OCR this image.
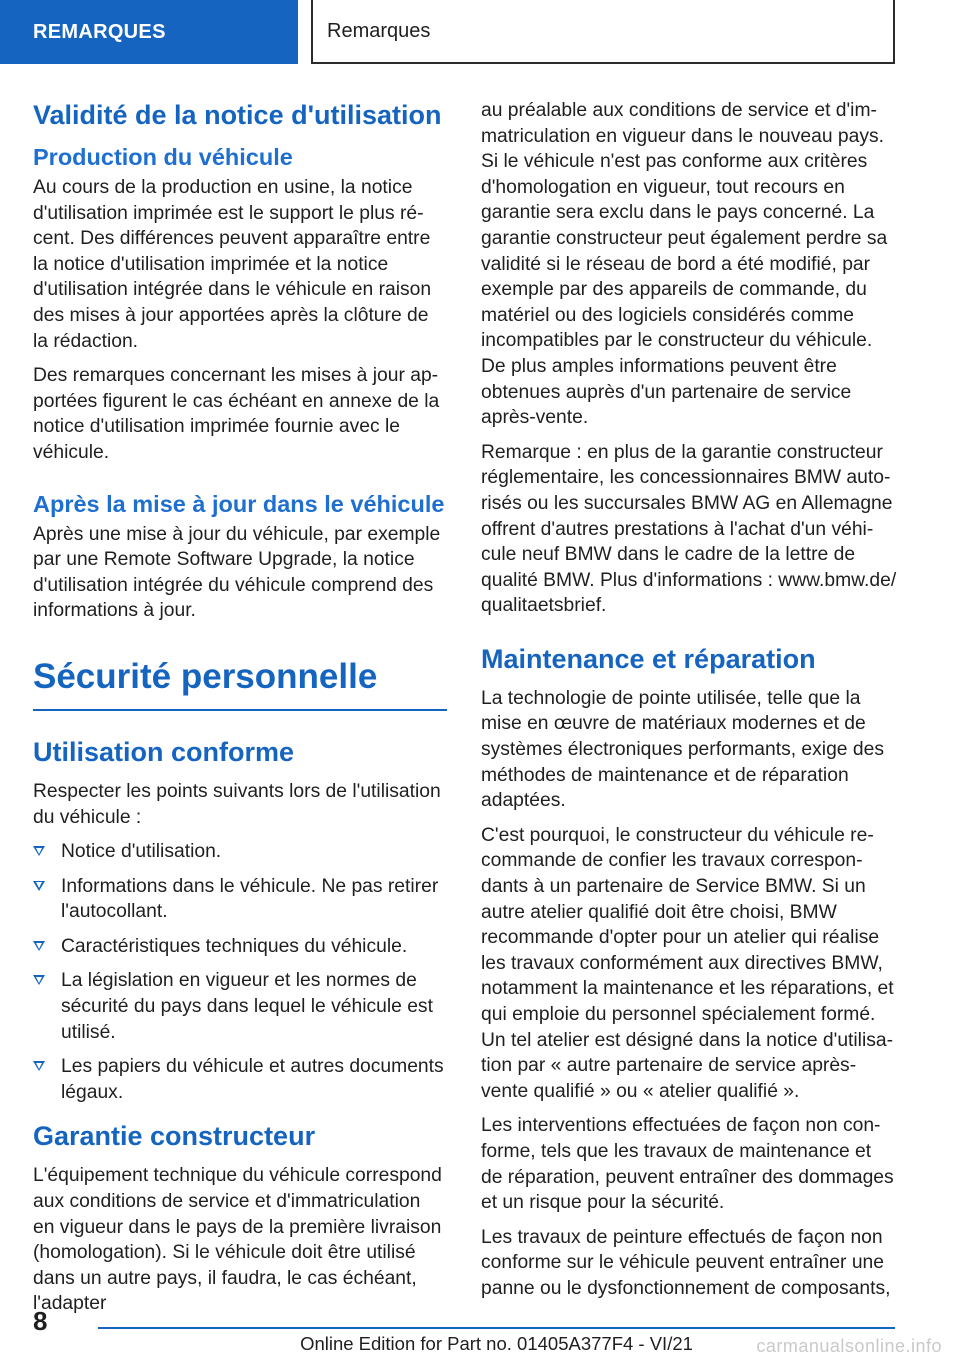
REMARQUES	Remarques
Validité de la notice d'utilisation
Production du véhicule

Au cours de la production en usine, la notice d'utilisation imprimée est le support le plus récent. Des différences peuvent apparaître entre la notice d'utilisation imprimée et la notice d'utilisation intégrée dans le véhicule en raison des mises à jour apportées après la clôture de la rédaction.

Des remarques concernant les mises à jour apportées figurent le cas échéant en annexe de la notice d'utilisation imprimée fournie avec le véhicule.

Après la mise à jour dans le véhicule

Après une mise à jour du véhicule, par exemple par une Remote Software Upgrade, la notice d'utilisation intégrée du véhicule comprend des informations à jour.

Sécurité personnelle
Utilisation conforme

Respecter les points suivants lors de l'utilisation du véhicule :

Notice d'utilisation.
Informations dans le véhicule. Ne pas retirer l'autocollant.
Caractéristiques techniques du véhicule.
La législation en vigueur et les normes de sécurité du pays dans lequel le véhicule est utilisé.
Les papiers du véhicule et autres documents légaux.
Garantie constructeur

L'équipement technique du véhicule correspond aux conditions de service et d'immatriculation en vigueur dans le pays de la première livraison (homologation). Si le véhicule doit être utilisé dans un autre pays, il faudra, le cas échéant, l'adapter

au préalable aux conditions de service et d'immatriculation en vigueur dans le nouveau pays. Si le véhicule n'est pas conforme aux critères d'homologation en vigueur, tout recours en garantie sera exclu dans le pays concerné. La garantie constructeur peut également perdre sa validité si le réseau de bord a été modifié, par exemple par des appareils de commande, du matériel ou des logiciels considérés comme incompatibles par le constructeur du véhicule. De plus amples informations peuvent être obtenues auprès d'un partenaire de service après-vente.

Remarque : en plus de la garantie constructeur réglementaire, les concessionnaires BMW autorisés ou les succursales BMW AG en Allemagne offrent d'autres prestations à l'achat d'un véhicule neuf BMW dans le cadre de la lettre de qualité BMW. Plus d'informations : www.bmw.de/ qualitaetsbrief.

Maintenance et réparation

La technologie de pointe utilisée, telle que la mise en œuvre de matériaux modernes et de systèmes électroniques performants, exige des méthodes de maintenance et de réparation adaptées.

C'est pourquoi, le constructeur du véhicule recommande de confier les travaux correspondants à un partenaire de Service BMW. Si un autre atelier qualifié doit être choisi, BMW recommande d'opter pour un atelier qui réalise les travaux conformément aux directives BMW, notamment la maintenance et les réparations, et qui emploie du personnel spécialement formé. Un tel atelier est désigné dans la notice d'utilisation par « autre partenaire de service après-vente qualifié » ou « atelier qualifié ».

Les interventions effectuées de façon non conforme, tels que les travaux de maintenance et de réparation, peuvent entraîner des dommages et un risque pour la sécurité.

Les travaux de peinture effectués de façon non conforme sur le véhicule peuvent entraîner une panne ou le dysfonctionnement de composants,

8
Online Edition for Part no. 01405A377F4 - VI/21	carmanualsonline.info
